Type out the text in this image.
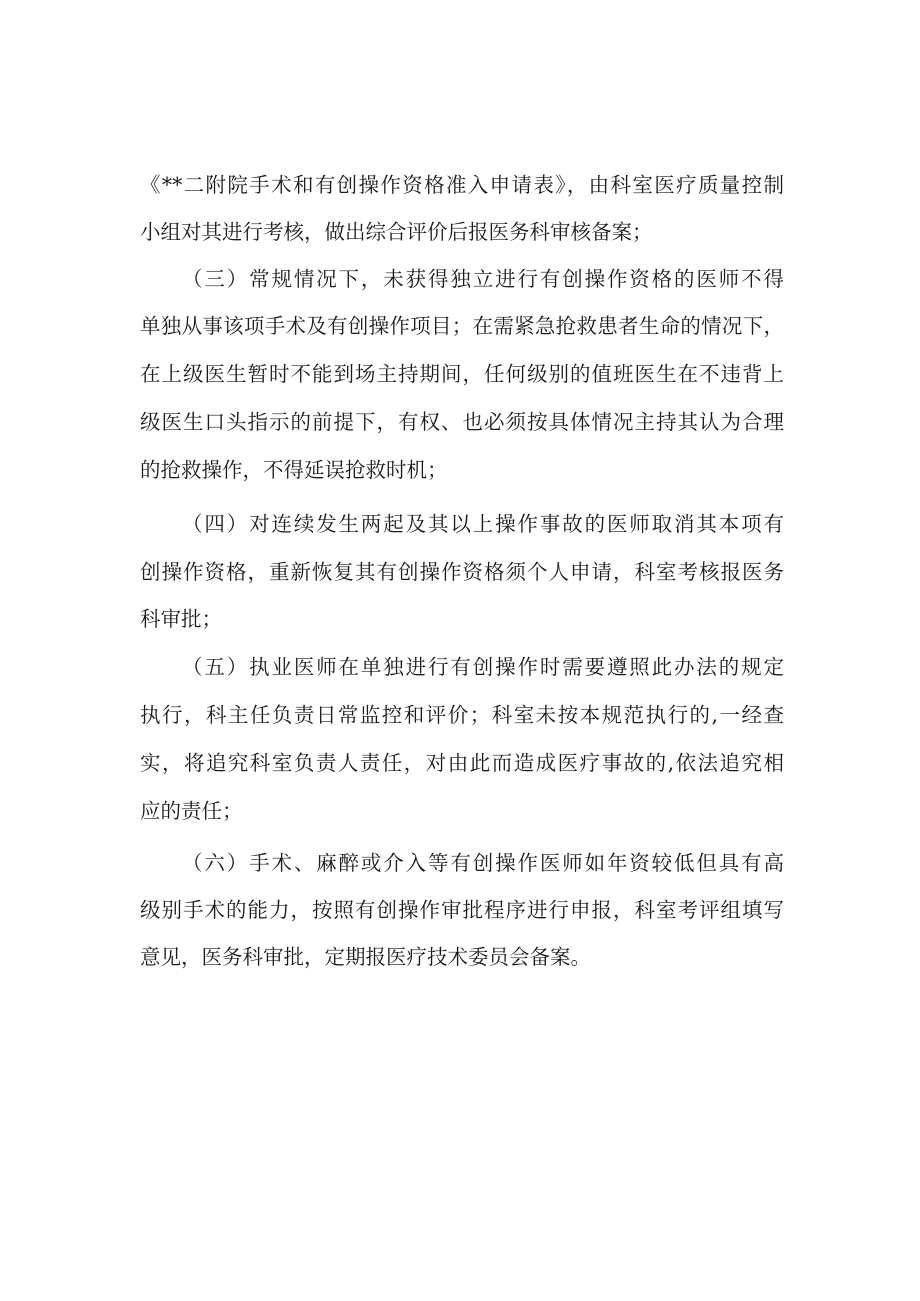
《**二附院手术和有创操作资格准入申请表》，由科室医疗质量控制
小组对其进行考核，做出综合评价后报医务科审核备案；
（三）常规情况下，未获得独立进行有创操作资格的医师不得
单独从事该项手术及有创操作项目；在需紧急抢救患者生命的情况下，
在上级医生暂时不能到场主持期间，任何级别的值班医生在不违背上
级医生口头指示的前提下，有权、也必须按具体情况主持其认为合理
的抢救操作，不得延误抢救时机；
（四）对连续发生两起及其以上操作事故的医师取消其本项有
创操作资格，重新恢复其有创操作资格须个人申请，科室考核报医务
科审批；
（五）执业医师在单独进行有创操作时需要遵照此办法的规定
执行，科主任负责日常监控和评价；科室未按本规范执行的,一经查
实，将追究科室负责人责任，对由此而造成医疗事故的,依法追究相
应的责任；
（六）手术、麻醉或介入等有创操作医师如年资较低但具有高
级别手术的能力，按照有创操作审批程序进行申报，科室考评组填写
意见，医务科审批，定期报医疗技术委员会备案。
